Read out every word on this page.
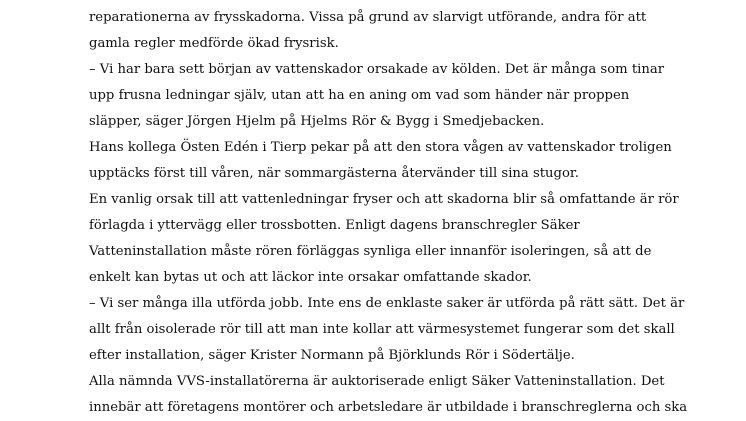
reparationerna av frysskadorna. Vissa på grund av slarvigt utförande, andra för att
gamla regler medförde ökad frysrisk.
– Vi har bara sett början av vattenskador orsakade av kölden. Det är många som tinar
upp frusna ledningar själv, utan att ha en aning om vad som händer när proppen
släpper, säger Jörgen Hjelm på Hjelms Rör & Bygg i Smedjebacken.
Hans kollega Östen Edén i Tierp pekar på att den stora vågen av vattenskador troligen
upptäcks först till våren, när sommargästerna återvänder till sina stugor.
En vanlig orsak till att vattenledningar fryser och att skadorna blir så omfattande är rör
förlagda i yttervägg eller trossbotten. Enligt dagens branschregler Säker
Vatteninstallation måste rören förläggas synliga eller innanför isoleringen, så att de
enkelt kan bytas ut och att läckor inte orsakar omfattande skador.
– Vi ser många illa utförda jobb. Inte ens de enklaste saker är utförda på rätt sätt. Det är
allt från oisolerade rör till att man inte kollar att värmesystemet fungerar som det skall
efter installation, säger Krister Normann på Björklunds Rör i Södertälje.
Alla nämnda VVS-installatörerna är auktoriserade enligt Säker Vatteninstallation. Det
innebär att företagens montörer och arbetsledare är utbildade i branschreglerna och ska
